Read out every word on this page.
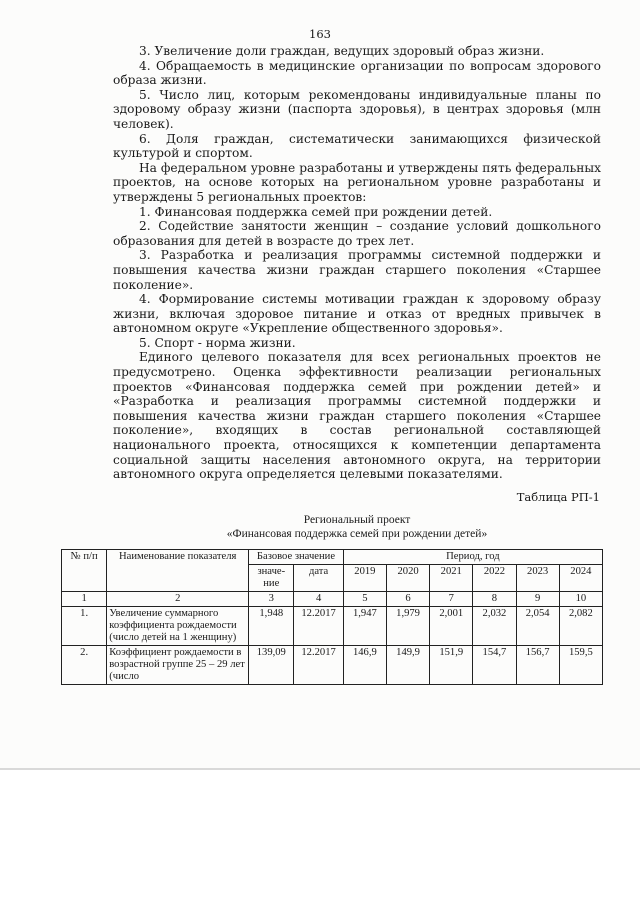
163

3. Увеличение доли граждан, ведущих здоровый образ жизни.

4. Обращаемость в медицинские организации по вопросам здорового образа жизни.

5. Число лиц, которым рекомендованы индивидуальные планы по здоровому образу жизни (паспорта здоровья), в центрах здоровья (млн человек).

6. Доля граждан, систематически занимающихся физической культурой и спортом.

На федеральном уровне разработаны и утверждены пять федеральных проектов, на основе которых на региональном уровне разработаны и утверждены 5 региональных проектов:

1. Финансовая поддержка семей при рождении детей.

2. Содействие занятости женщин – создание условий дошкольного образования для детей в возрасте до трех лет.

3. Разработка и реализация программы системной поддержки и повышения качества жизни граждан старшего поколения «Старшее поколение».

4. Формирование системы мотивации граждан к здоровому образу жизни, включая здоровое питание и отказ от вредных привычек в автономном округе «Укрепление общественного здоровья».

5. Спорт - норма жизни.

Единого целевого показателя для всех региональных проектов не предусмотрено. Оценка эффективности реализации региональных проектов «Финансовая поддержка семей при рождении детей» и «Разработка и реализация программы системной поддержки и повышения качества жизни граждан старшего поколения «Старшее поколение», входящих в состав региональной составляющей национального проекта, относящихся к компетенции департамента социальной защиты населения автономного округа, на территории автономного округа определяется целевыми показателями.

Таблица РП-1
Региональный проект
«Финансовая поддержка семей при рождении детей»
№ п/п	Наименование показателя	Базовое значение		Период, год					
		значе-ние	дата	2019	2020	2021	2022	2023	2024
1	2	3	4	5	6	7	8	9	10
1.	Увеличение суммарного коэффициента рождаемости (число детей на 1 женщину)	1,948	12.2017	1,947	1,979	2,001	2,032	2,054	2,082
2.	Коэффициент рождаемости в возрастной группе 25 – 29 лет (число	139,09	12.2017	146,9	149,9	151,9	154,7	156,7	159,5
